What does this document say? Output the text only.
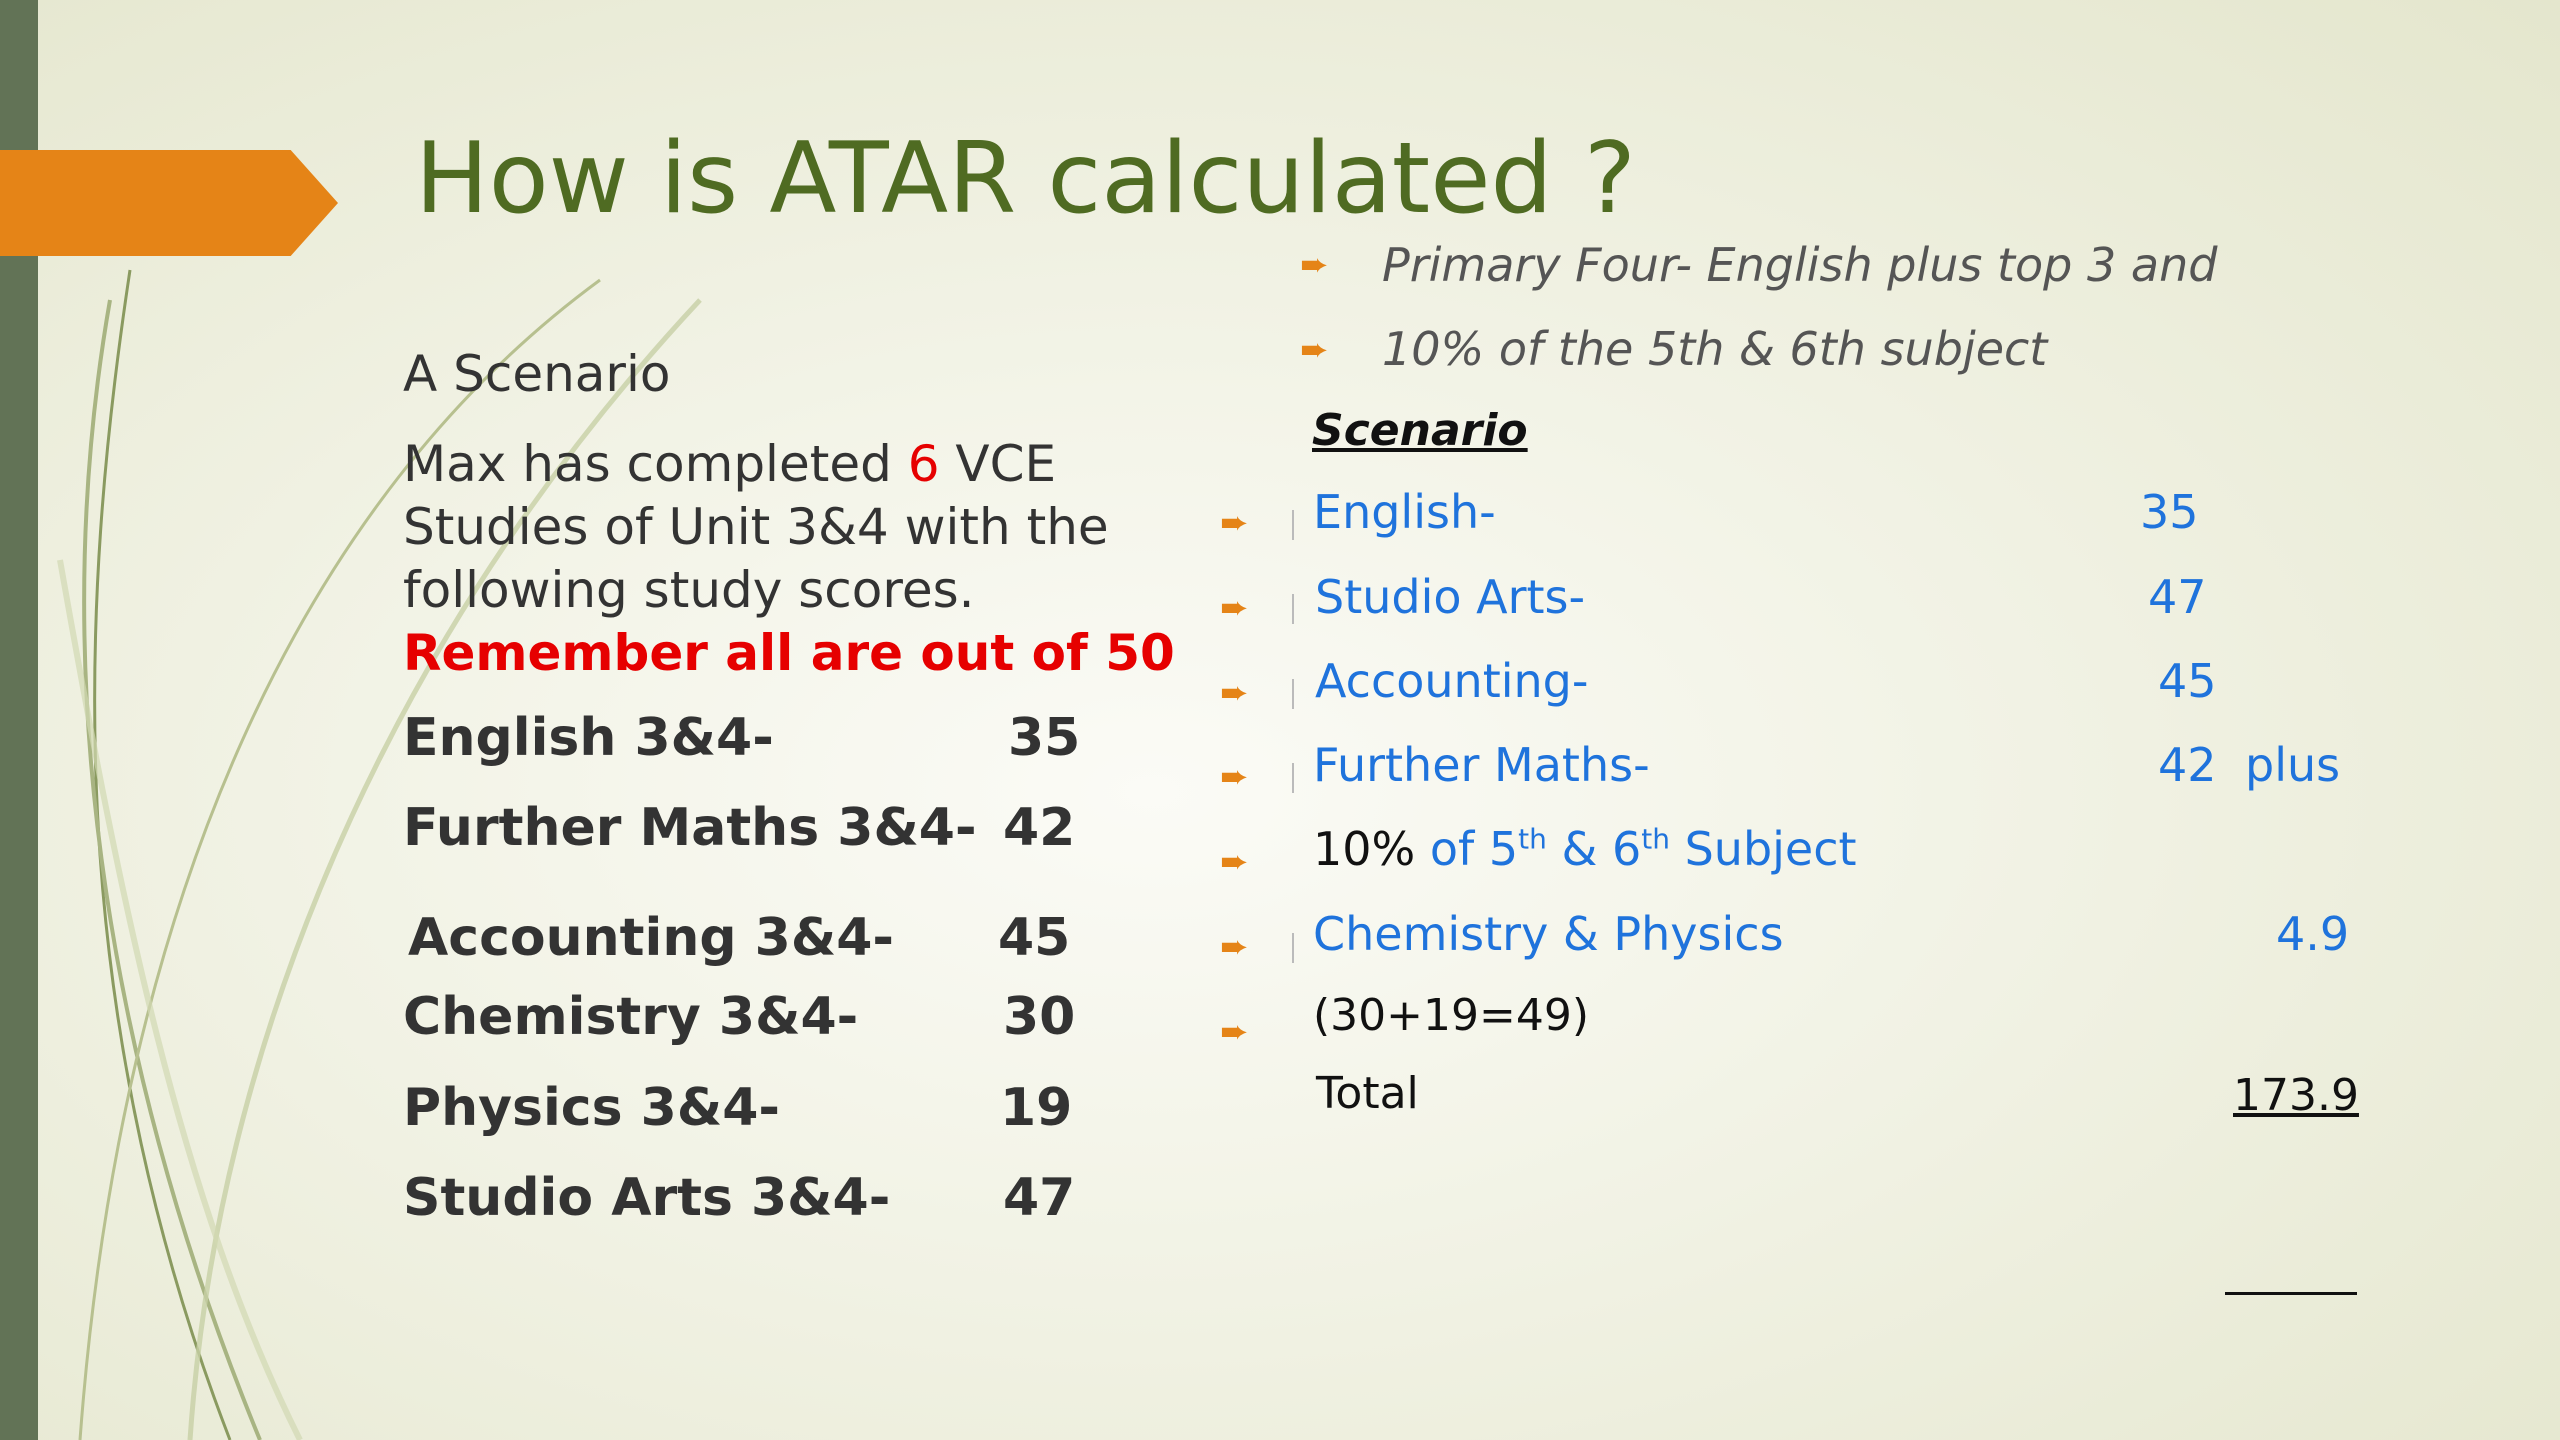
How is ATAR calculated ?
A Scenario
Max has completed 6 VCE
Studies of Unit 3&4 with the
following study scores.
Remember all are out of 50
English 3&4-	35
Further Maths 3&4- 42
Accounting 3&4- 45
Chemistry 3&4-	30
Physics 3&4-	19
Studio Arts 3&4- 47
➨ Primary Four- English plus top 3 and
➨ 10% of the 5th & 6th subject
Scenario
➨ English-	35
➨ Studio Arts-	47
➨ Accounting-	45
➨ Further Maths-	42 plus
➨ 10% of 5th & 6th Subject
➨ Chemistry & Physics	4.9
➨ (30+19=49)
Total	173.9
